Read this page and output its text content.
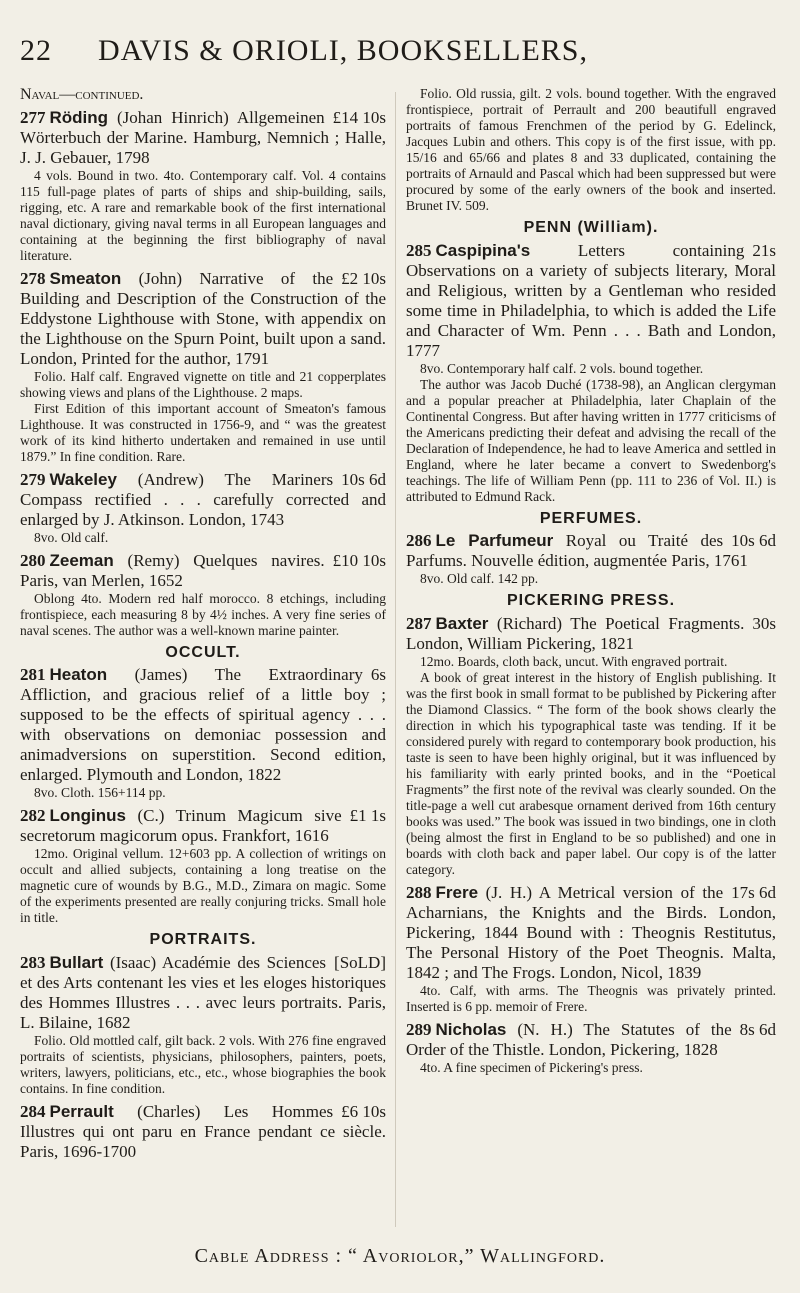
22 DAVIS & ORIOLI, BOOKSELLERS,
Naval—continued.
£14 10s
277 Röding (Johan Hinrich) Allgemeinen Wörterbuch der Marine. Hamburg, Nemnich ; Halle, J. J. Gebauer, 1798
4 vols. Bound in two. 4to. Contemporary calf. Vol. 4 contains 115 full-page plates of parts of ships and ship-building, sails, rigging, etc. A rare and remarkable book of the first international naval dictionary, giving naval terms in all European languages and containing at the beginning the first bibliography of naval literature.
£2 10s
278 Smeaton (John) Narrative of the Building and Description of the Construction of the Eddystone Lighthouse with Stone, with appendix on the Lighthouse on the Spurn Point, built upon a sand. London, Printed for the author, 1791
Folio. Half calf. Engraved vignette on title and 21 copperplates showing views and plans of the Lighthouse. 2 maps.
First Edition of this important account of Smeaton's famous Lighthouse. It was constructed in 1756-9, and “ was the greatest work of its kind hitherto undertaken and remained in use until 1879.” In fine condition. Rare.
10s 6d
279 Wakeley (Andrew) The Mariners Compass rectified . . . carefully corrected and enlarged by J. Atkinson. London, 1743
8vo. Old calf.
£10 10s
280 Zeeman (Remy) Quelques navires. Paris, van Merlen, 1652
Oblong 4to. Modern red half morocco. 8 etchings, including frontispiece, each measuring 8 by 4½ inches. A very fine series of naval scenes. The author was a well-known marine painter.
OCCULT.
6s
281 Heaton (James) The Extraordinary Affliction, and gracious relief of a little boy ; supposed to be the effects of spiritual agency . . . with observations on demoniac possession and animadversions on superstition. Second edition, enlarged. Plymouth and London, 1822
8vo. Cloth. 156+114 pp.
£1 1s
282 Longinus (C.) Trinum Magicum sive secretorum magicorum opus. Frankfort, 1616
12mo. Original vellum. 12+603 pp. A collection of writings on occult and allied subjects, containing a long treatise on the magnetic cure of wounds by B.G., M.D., Zimara on magic. Some of the experiments presented are really conjuring tricks. Small hole in title.
PORTRAITS.
[SoLD]
283 Bullart (Isaac) Académie des Sciences et des Arts contenant les vies et les eloges historiques des Hommes Illustres . . . avec leurs portraits. Paris, L. Bilaine, 1682
Folio. Old mottled calf, gilt back. 2 vols. With 276 fine engraved portraits of scientists, physicians, philosophers, painters, poets, writers, lawyers, politicians, etc., etc., whose biographies the book contains. In fine condition.
£6 10s
284 Perrault (Charles) Les Hommes Illustres qui ont paru en France pendant ce siècle. Paris, 1696-1700
Folio. Old russia, gilt. 2 vols. bound together. With the engraved frontispiece, portrait of Perrault and 200 beautifull engraved portraits of famous Frenchmen of the period by G. Edelinck, Jacques Lubin and others. This copy is of the first issue, with pp. 15/16 and 65/66 and plates 8 and 33 duplicated, containing the portraits of Arnauld and Pascal which had been suppressed but were procured by some of the early owners of the book and inserted. Brunet IV. 509.
PENN (William).
21s
285 Caspipina's	Letters containing Observations on a variety of subjects literary, Moral and Religious, written by a Gentleman who resided some time in Philadelphia, to which is added the Life and Character of Wm. Penn . . . Bath and London, 1777
8vo. Contemporary half calf. 2 vols. bound together.
The author was Jacob Duché (1738-98), an Anglican clergyman and a popular preacher at Philadelphia, later Chaplain of the Continental Congress. But after having written in 1777 criticisms of the Americans predicting their defeat and advising the recall of the Declaration of Independence, he had to leave America and settled in England, where he later became a convert to Swedenborg's teachings. The life of William Penn (pp. 111 to 236 of Vol. II.) is attributed to Edmund Rack.
PERFUMES.
10s 6d
286 Le Parfumeur Royal ou Traité des Parfums. Nouvelle édition, augmentée Paris, 1761
8vo. Old calf. 142 pp.
PICKERING PRESS.
30s
287 Baxter (Richard) The Poetical Fragments. London, William Pickering, 1821
12mo. Boards, cloth back, uncut. With engraved portrait.
A book of great interest in the history of English publishing. It was the first book in small format to be published by Pickering after the Diamond Classics. “ The form of the book shows clearly the direction in which his typographical taste was tending. If it be considered purely with regard to contemporary book production, his taste is seen to have been highly original, but it was influenced by his familiarity with early printed books, and in the “Poetical Fragments” the first note of the revival was clearly sounded. On the title-page a well cut arabesque ornament derived from 16th century books was used.” The book was issued in two bindings, one in cloth (being almost the first in England to be so published) and one in boards with cloth back and paper label. Our copy is of the latter category.
17s 6d
288 Frere (J. H.) A Metrical version of the Acharnians, the Knights and the Birds. London, Pickering, 1844 Bound with : Theognis Restitutus, The Personal History of the Poet Theognis. Malta, 1842 ; and The Frogs. London, Nicol, 1839
4to. Calf, with arms. The Theognis was privately printed. Inserted is 6 pp. memoir of Frere.
8s 6d
289 Nicholas (N. H.) The Statutes of the Order of the Thistle. London, Pickering, 1828
4to. A fine specimen of Pickering's press.
Cable Address : “ Avoriolor,” Wallingford.
